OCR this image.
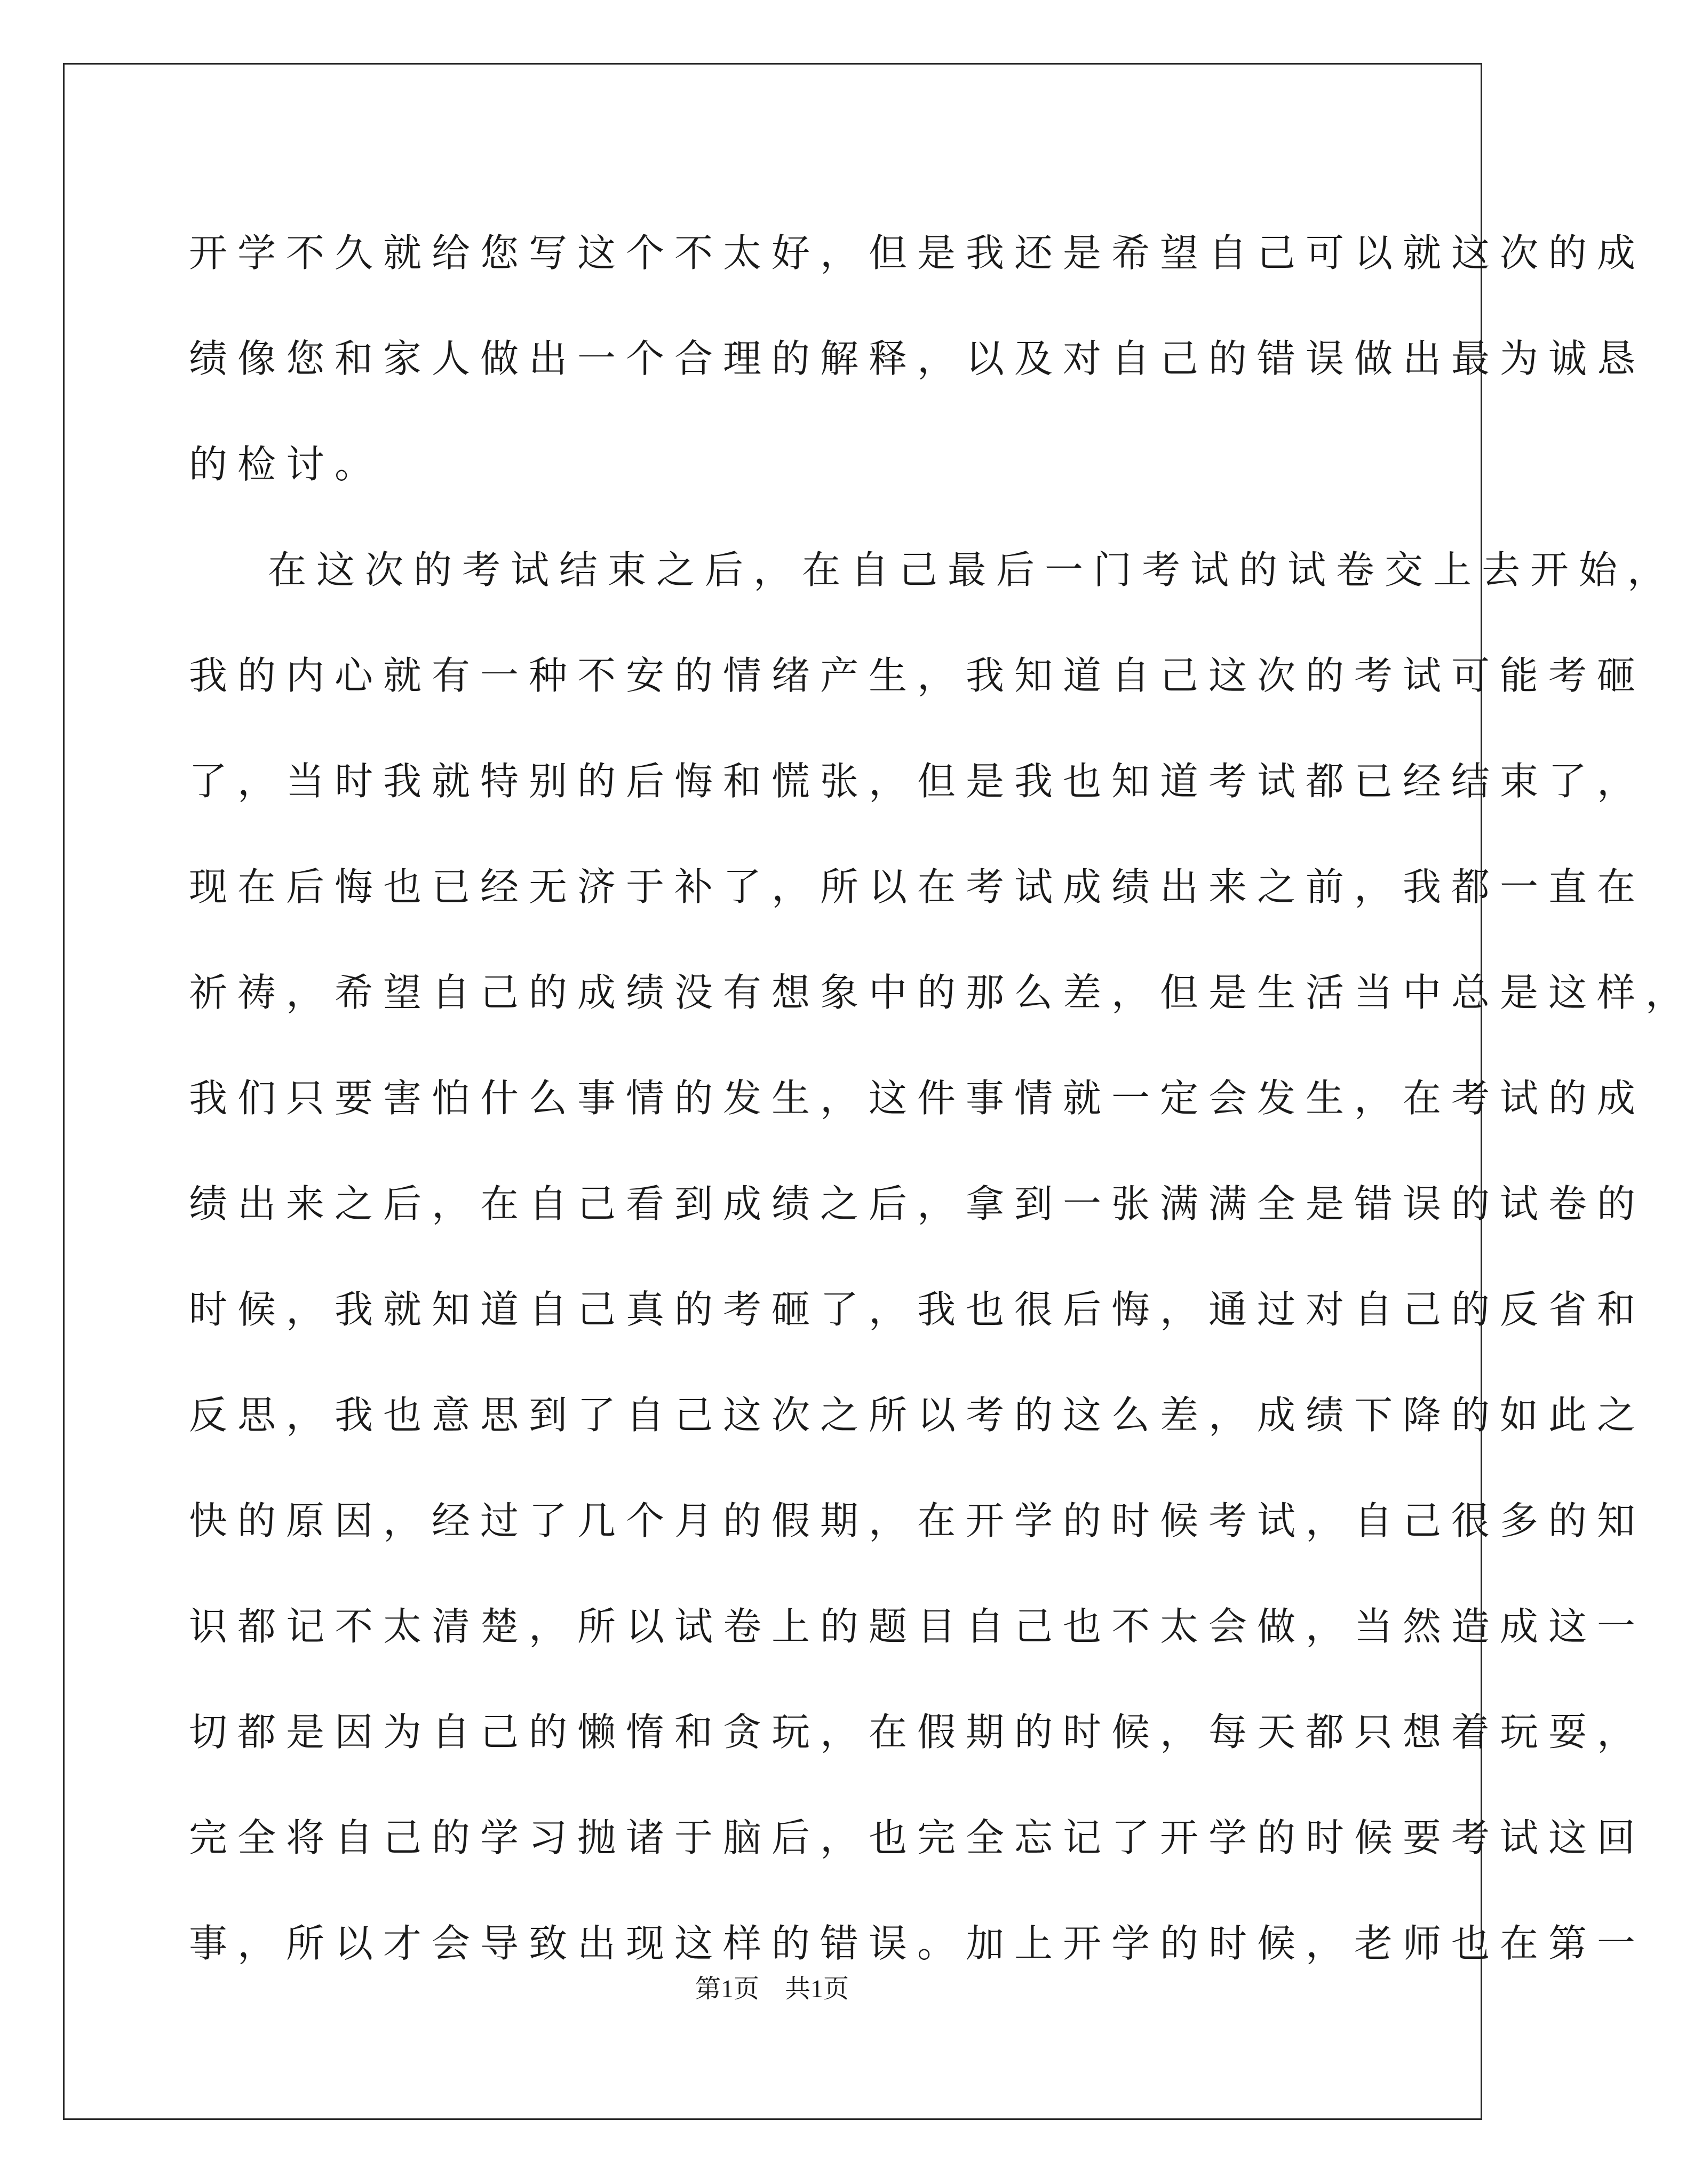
开学不久就给您写这个不太好，但是我还是希望自己可以就这次的成
绩像您和家人做出一个合理的解释，以及对自己的错误做出最为诚恳
的检讨。
在这次的考试结束之后，在自己最后一门考试的试卷交上去开始，
我的内心就有一种不安的情绪产生，我知道自己这次的考试可能考砸
了，当时我就特别的后悔和慌张，但是我也知道考试都已经结束了，
现在后悔也已经无济于补了，所以在考试成绩出来之前，我都一直在
祈祷，希望自己的成绩没有想象中的那么差，但是生活当中总是这样，
我们只要害怕什么事情的发生，这件事情就一定会发生，在考试的成
绩出来之后，在自己看到成绩之后，拿到一张满满全是错误的试卷的
时候，我就知道自己真的考砸了，我也很后悔，通过对自己的反省和
反思，我也意思到了自己这次之所以考的这么差，成绩下降的如此之
快的原因，经过了几个月的假期，在开学的时候考试，自己很多的知
识都记不太清楚，所以试卷上的题目自己也不太会做，当然造成这一
切都是因为自己的懒惰和贪玩，在假期的时候，每天都只想着玩耍，
完全将自己的学习抛诸于脑后，也完全忘记了开学的时候要考试这回
事，所以才会导致出现这样的错误。加上开学的时候，老师也在第一
第1页 共1页
